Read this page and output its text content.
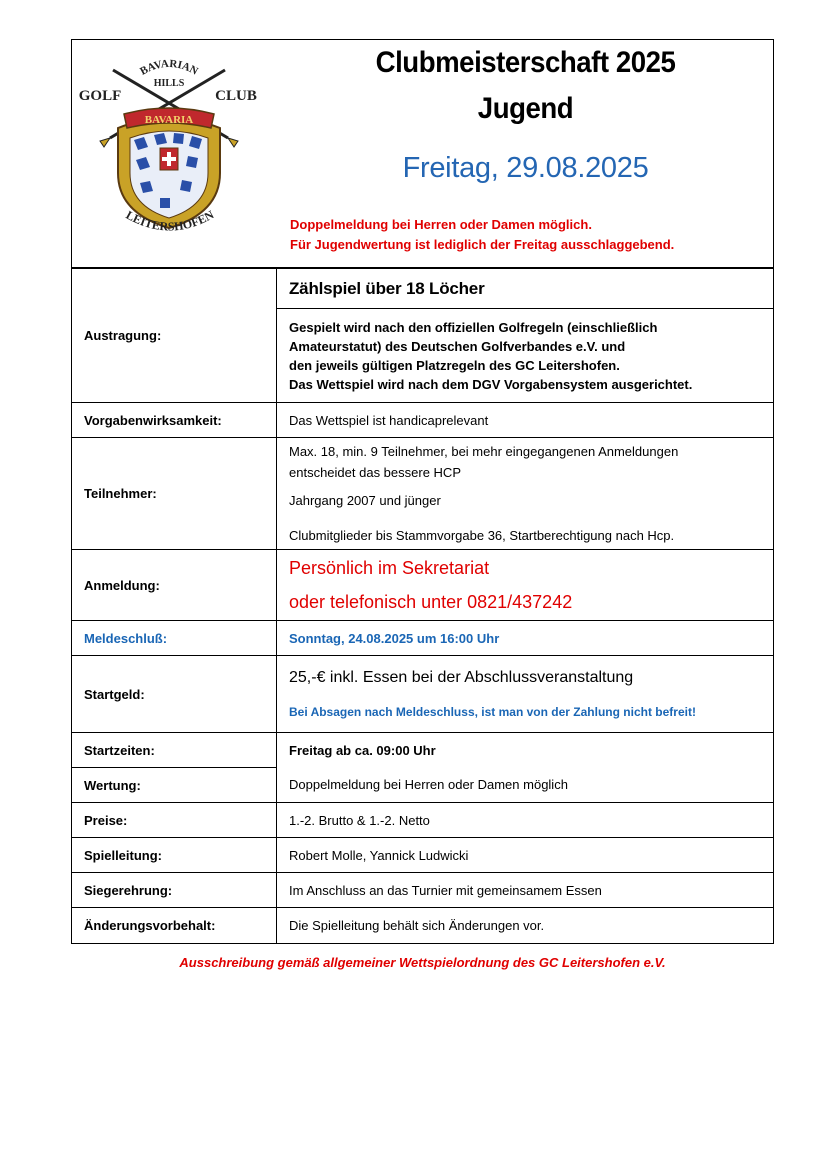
BAVARIAN
HILLS
GOLF	CLUB
BAVARIA
LEITERSHOFEN
Clubmeisterschaft 2025
Jugend
Freitag, 29.08.2025
Doppelmeldung bei Herren oder Damen möglich.
Für Jugendwertung ist lediglich der Freitag ausschlaggebend.
Austragung:	Zählspiel über 18 Löcher

	Gespielt wird nach den offiziellen Golfregeln (einschließlich
Amateurstatut) des Deutschen Golfverbandes e.V. und
den jeweils gültigen Platzregeln des GC Leitershofen.
Das Wettspiel wird nach dem DGV Vorgabensystem ausgerichtet.

Vorgabenwirksamkeit:	Das Wettspiel ist handicaprelevant
Teilnehmer:	Max. 18, min. 9 Teilnehmer, bei mehr eingegangenen Anmeldungen
entscheidet das bessere HCP
Jahrgang 2007 und jünger
Clubmitglieder bis Stammvorgabe 36, Startberechtigung nach Hcp.

Anmeldung:	Persönlich im Sekretariat
oder telefonisch unter 0821/437242

Meldeschluß:	Sonntag, 24.08.2025 um 16:00 Uhr
Startgeld:	25,-€ inkl. Essen bei der Abschlussveranstaltung
Bei Absagen nach Meldeschluss, ist man von der Zahlung nicht befreit!

Startzeiten:	Freitag ab ca. 09:00 Uhr
Wertung:	Doppelmeldung bei Herren oder Damen möglich
Preise:	1.-2. Brutto & 1.-2. Netto
Spielleitung:	Robert Molle, Yannick Ludwicki
Siegerehrung:	Im Anschluss an das Turnier mit gemeinsamem Essen
Änderungsvorbehalt:	Die Spielleitung behält sich Änderungen vor.
Ausschreibung gemäß allgemeiner Wettspielordnung des GC Leitershofen e.V.
